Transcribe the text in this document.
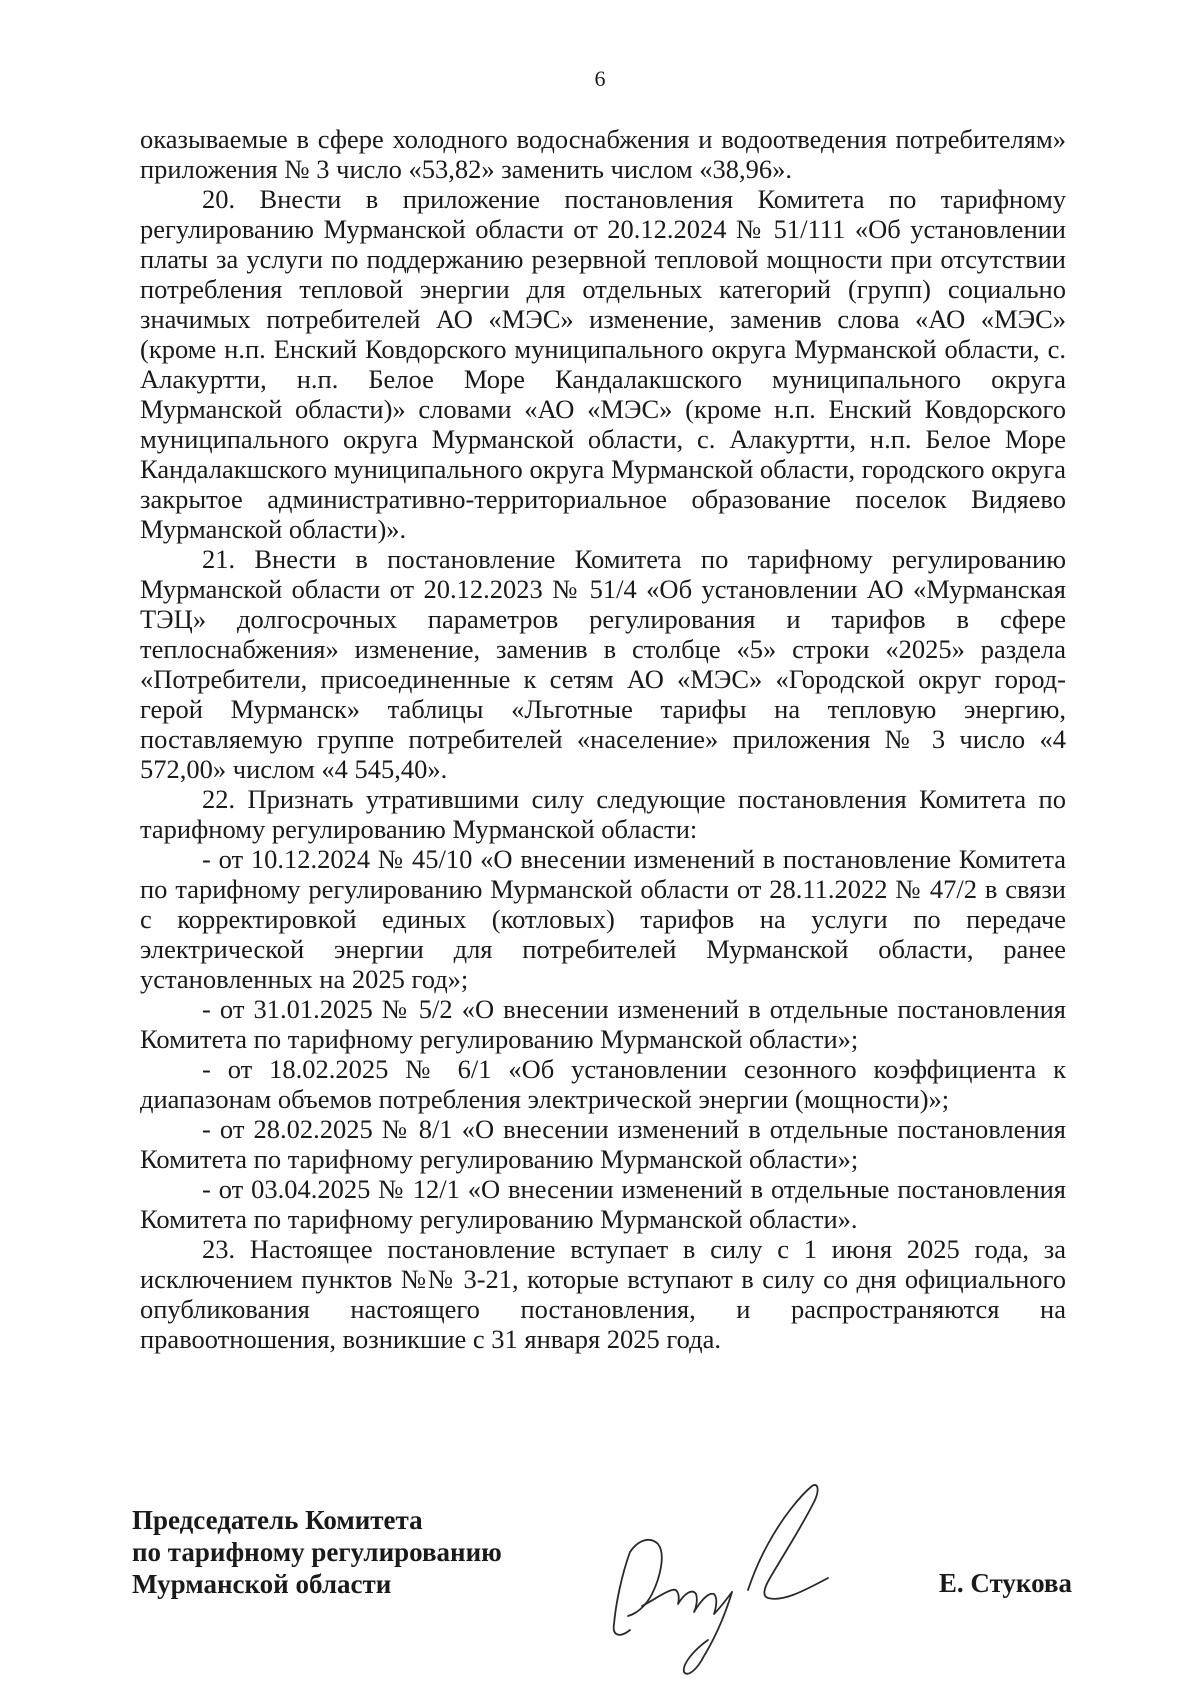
6

оказываемые в сфере холодного водоснабжения и водоотведения потребителям» приложения № 3 число «53,82» заменить числом «38,96».

20. Внести в приложение постановления Комитета по тарифному регулированию Мурманской области от 20.12.2024 № 51/111 «Об установлении платы за услуги по поддержанию резервной тепловой мощности при отсутствии потребления тепловой энергии для отдельных категорий (групп) социально значимых потребителей АО «МЭС» изменение, заменив слова «АО «МЭС» (кроме н.п. Енский Ковдорского муниципального округа Мурманской области, с. Алакуртти, н.п. Белое Море Кандалакшского муниципального округа Мурманской области)» словами «АО «МЭС» (кроме н.п. Енский Ковдорского муниципального округа Мурманской области, с. Алакуртти, н.п. Белое Море Кандалакшского муниципального округа Мурманской области, городского округа закрытое административно-территориальное образование поселок Видяево Мурманской области)».

21. Внести в постановление Комитета по тарифному регулированию Мурманской области от 20.12.2023 № 51/4 «Об установлении АО «Мурманская ТЭЦ» долгосрочных параметров регулирования и тарифов в сфере теплоснабжения» изменение, заменив в столбце «5» строки «2025» раздела «Потребители, присоединенные к сетям АО «МЭС» «Городской округ город-герой Мурманск» таблицы «Льготные тарифы на тепловую энергию, поставляемую группе потребителей «население» приложения № 3 число «4 572,00» числом «4 545,40».

22. Признать утратившими силу следующие постановления Комитета по тарифному регулированию Мурманской области:

- от 10.12.2024 № 45/10 «О внесении изменений в постановление Комитета по тарифному регулированию Мурманской области от 28.11.2022 № 47/2 в связи с корректировкой единых (котловых) тарифов на услуги по передаче электрической энергии для потребителей Мурманской области, ранее установленных на 2025 год»;

- от 31.01.2025 № 5/2 «О внесении изменений в отдельные постановления Комитета по тарифному регулированию Мурманской области»;

- от 18.02.2025 № 6/1 «Об установлении сезонного коэффициента к диапазонам объемов потребления электрической энергии (мощности)»;

- от 28.02.2025 № 8/1 «О внесении изменений в отдельные постановления Комитета по тарифному регулированию Мурманской области»;

- от 03.04.2025 № 12/1 «О внесении изменений в отдельные постановления Комитета по тарифному регулированию Мурманской области».

23. Настоящее постановление вступает в силу с 1 июня 2025 года, за исключением пунктов №№ 3-21, которые вступают в силу со дня официального опубликования настоящего постановления, и распространяются на правоотношения, возникшие с 31 января 2025 года.

Председатель Комитета
по тарифному регулированию
Мурманской области	Е. Стукова
